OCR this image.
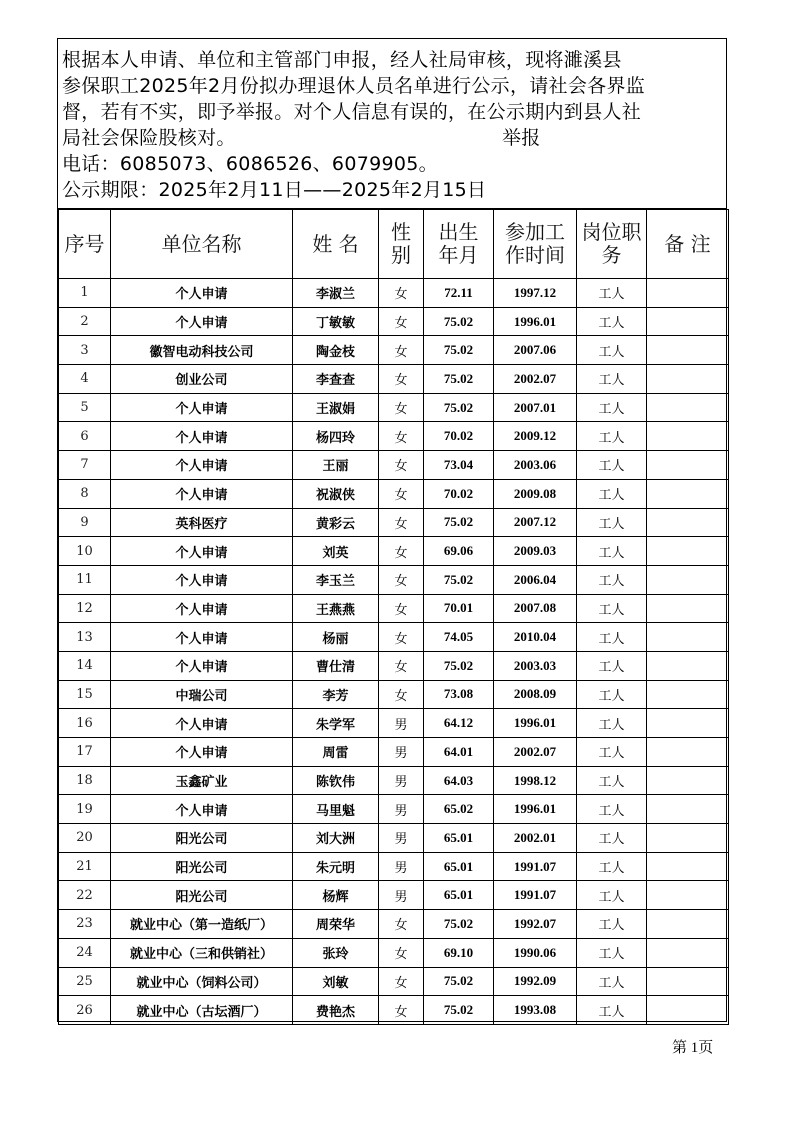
根据本人申请、单位和主管部门申报，经人社局审核，现将濉溪县
参保职工2025年2月份拟办理退休人员名单进行公示，请社会各界监
督，若有不实，即予举报。对个人信息有误的，在公示期内到县人社
局社会保险股核对。                                          举报
电话：6085073、6086526、6079905。
公示期限：2025年2月11日——2025年2月15日
序号	单位名称	姓 名	性别	出生年月	参加工作时间	岗位职务	备 注
1	个人申请	李淑兰	女	72.11	1997.12	工人	
2	个人申请	丁敏敏	女	75.02	1996.01	工人	
3	徽智电动科技公司	陶金枝	女	75.02	2007.06	工人	
4	创业公司	李查查	女	75.02	2002.07	工人	
5	个人申请	王淑娟	女	75.02	2007.01	工人	
6	个人申请	杨四玲	女	70.02	2009.12	工人	
7	个人申请	王丽	女	73.04	2003.06	工人	
8	个人申请	祝淑侠	女	70.02	2009.08	工人	
9	英科医疗	黄彩云	女	75.02	2007.12	工人	
10	个人申请	刘英	女	69.06	2009.03	工人	
11	个人申请	李玉兰	女	75.02	2006.04	工人	
12	个人申请	王燕燕	女	70.01	2007.08	工人	
13	个人申请	杨丽	女	74.05	2010.04	工人	
14	个人申请	曹仕清	女	75.02	2003.03	工人	
15	中瑞公司	李芳	女	73.08	2008.09	工人	
16	个人申请	朱学军	男	64.12	1996.01	工人	
17	个人申请	周雷	男	64.01	2002.07	工人	
18	玉鑫矿业	陈钦伟	男	64.03	1998.12	工人	
19	个人申请	马里魁	男	65.02	1996.01	工人	
20	阳光公司	刘大洲	男	65.01	2002.01	工人	
21	阳光公司	朱元明	男	65.01	1991.07	工人	
22	阳光公司	杨辉	男	65.01	1991.07	工人	
23	就业中心（第一造纸厂）	周荣华	女	75.02	1992.07	工人	
24	就业中心（三和供销社）	张玲	女	69.10	1990.06	工人	
25	就业中心（饲料公司）	刘敏	女	75.02	1992.09	工人	
26	就业中心（古坛酒厂）	费艳杰	女	75.02	1993.08	工人	
第 1页
